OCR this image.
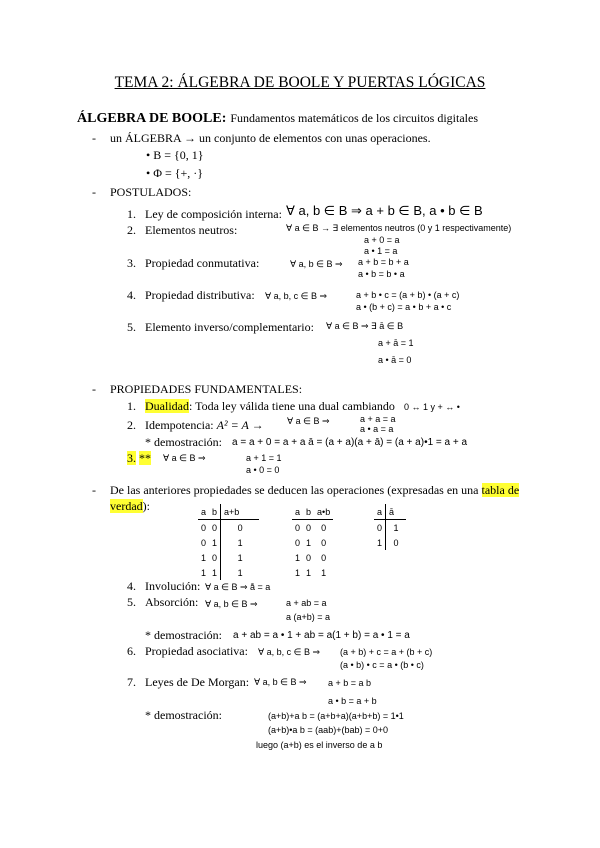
TEMA 2: ÁLGEBRA DE BOOLE Y PUERTAS LÓGICAS
ÁLGEBRA DE BOOLE: Fundamentos matemáticos de los circuitos digitales
- un ÁLGEBRA → un conjunto de elementos con unas operaciones.
• B = {0, 1}
• Φ = {+, ·}
- POSTULADOS:
1. Ley de composición interna: ∀ a, b ∈ B ⇒ a + b ∈ B, a • b ∈ B
2. Elementos neutros:	∀ a ∈ B → ∃ elementos neutros (0 y 1 respectivamente)
a + 0 = a
a • 1 = a
3. Propiedad conmutativa:	∀ a, b ∈ B ⇒ a + b = b + a
a • b = b • a
4. Propiedad distributiva: ∀ a, b, c ∈ B ⇒	a + b • c = (a + b) • (a + c)
a • (b + c) = a • b + a • c
5. Elemento inverso/complementario: ∀ a ∈ B ⇒ ∃ ā ∈ B
a + ā = 1
a • ā = 0
- PROPIEDADES FUNDAMENTALES:
1. Dualidad: Toda ley válida tiene una dual cambiando 0 ↔ 1 y + ↔ •
2. Idempotencia: A² = A →	∀ a ∈ B ⇒	a + a = a
a • a = a
* demostración: a = a + 0 = a + a ā = (a + a)(a + ā) = (a + a)•1 = a + a
3. ** ∀ a ∈ B ⇒	a + 1 = 1
a • 0 = 0
- De las anteriores propiedades se deducen las operaciones (expresadas en una tabla de
verdad):	a	b	a+b
0	0	0
0	1	1
1	0	1
1	1	1
a	b	a•b
0	0	0
0	1	0
1	0	0
1	1	1
a	ā
0	1
1	0
4. Involución: ∀ a ∈ B ⇒ ā̄ = a
5. Absorción: ∀ a, b ∈ B ⇒	a + ab = a
a (a+b) = a
* demostración: a + ab = a • 1 + ab = a(1 + b) = a • 1 = a
6. Propiedad asociativa: ∀ a, b, c ∈ B ⇒ (a + b) + c = a + (b + c)
(a • b) • c = a • (b • c)
7. Leyes de De Morgan: ∀ a, b ∈ B ⇒ a + b = a b
a • b = a + b
* demostración:	(a+b)+a b = (a+b+a)(a+b+b) = 1•1
(a+b)•a b = (aab)+(bab) = 0+0
luego (a+b) es el inverso de a b
